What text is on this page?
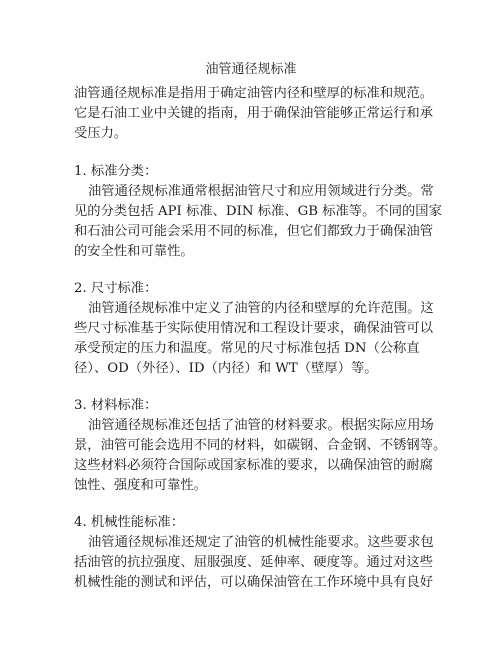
油管通径规标准
油管通径规标准是指用于确定油管内径和壁厚的标准和规范。
它是石油工业中关键的指南，用于确保油管能够正常运行和承
受压力。
1. 标准分类：
油管通径规标准通常根据油管尺寸和应用领域进行分类。常
见的分类包括 API 标准、DIN 标准、GB 标准等。不同的国家
和石油公司可能会采用不同的标准，但它们都致力于确保油管
的安全性和可靠性。
2. 尺寸标准：
油管通径规标准中定义了油管的内径和壁厚的允许范围。这
些尺寸标准基于实际使用情况和工程设计要求，确保油管可以
承受预定的压力和温度。常见的尺寸标准包括 DN（公称直
径）、OD（外径）、ID（内径）和 WT（壁厚）等。
3. 材料标准：
油管通径规标准还包括了油管的材料要求。根据实际应用场
景，油管可能会选用不同的材料，如碳钢、合金钢、不锈钢等。
这些材料必须符合国际或国家标准的要求，以确保油管的耐腐
蚀性、强度和可靠性。
4. 机械性能标准：
油管通径规标准还规定了油管的机械性能要求。这些要求包
括油管的抗拉强度、屈服强度、延伸率、硬度等。通过对这些
机械性能的测试和评估，可以确保油管在工作环境中具有良好
